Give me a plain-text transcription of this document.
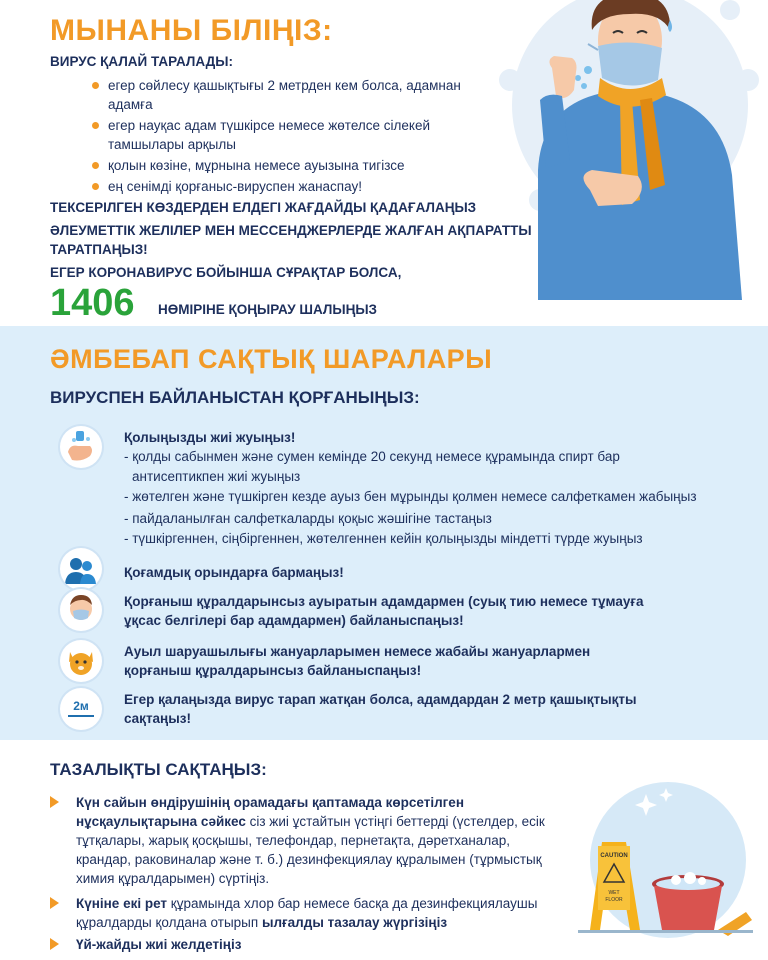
МЫНАНЫ БІЛІҢІЗ:

ВИРУС ҚАЛАЙ ТАРАЛАДЫ:

егер сөйлесу қашықтығы 2 метрден кем болса, адамнан адамға
егер науқас адам түшкірсе немесе жөтелсе сілекей тамшылары арқылы
қолын көзіне, мұрнына немесе ауызына тигізсе
ең сенімді қорғаныс-вируспен жанаспау!

ТЕКСЕРІЛГЕН КӨЗДЕРДЕН ЕЛДЕГІ ЖАҒДАЙДЫ ҚАДАҒАЛАҢЫЗ

ӘЛЕУМЕТТІК ЖЕЛІЛЕР МЕН МЕССЕНДЖЕРЛЕРДЕ ЖАЛҒАН АҚПАРАТТЫ ТАРАТПАҢЫЗ!

ЕГЕР КОРОНАВИРУС БОЙЫНША СҰРАҚТАР БОЛСА,

1406 НӨМІРІНЕ ҚОҢЫРАУ ШАЛЫҢЫЗ

ӘМБЕБАП САҚТЫҚ ШАРАЛАРЫ

ВИРУСПЕН БАЙЛАНЫСТАН ҚОРҒАНЫҢЫЗ:

Қолыңызды жиі жуыңыз!

- қолды сабынмен және сумен кемінде 20 секунд немесе құрамында спирт бар

антисептикпен жиі жуыңыз

- жөтелген және түшкірген кезде ауыз бен мұрынды қолмен немесе салфеткамен жабыңыз

- пайдаланылған салфеткаларды қоқыс жәшігіне тастаңыз

- түшкіргеннен, сіңбіргеннен, жөтелгеннен кейін қолыңызды міндетті түрде жуыңыз

Қоғамдық орындарға бармаңыз!

Қорғаныш құралдарынсыз ауыратын адамдармен (суық тию немесе тұмауға

ұқсас белгілері бар адамдармен) байланыспаңыз!

Ауыл шаруашылығы жануарларымен немесе жабайы жануарлармен

қорғаныш құралдарынсыз байланыспаңыз!

2м	Егер қалаңызда вирус тарап жатқан болса, адамдардан 2 метр қашықтықты

сақтаңыз!

ТАЗАЛЫҚТЫ САҚТАҢЫЗ:

Күн сайын өндірушінің орамадағы қаптамада көрсетілген

нұсқаулықтарына сәйкес сіз жиі ұстайтын үстіңгі беттерді (үстелдер, есік

тұтқалары, жарық қосқышы, телефондар, пернетақта, дәретханалар,

крандар, раковиналар және т. б.) дезинфекциялау құралымен (тұрмыстық

химия құралдарымен) сүртіңіз.

Күніне екі рет құрамында хлор бар немесе басқа да дезинфекциялаушы

құралдарды қолдана отырып ылғалды тазалау жүргізіңіз

Үй-жайды жиі желдетіңіз

CAUTION
WET
FLOOR
